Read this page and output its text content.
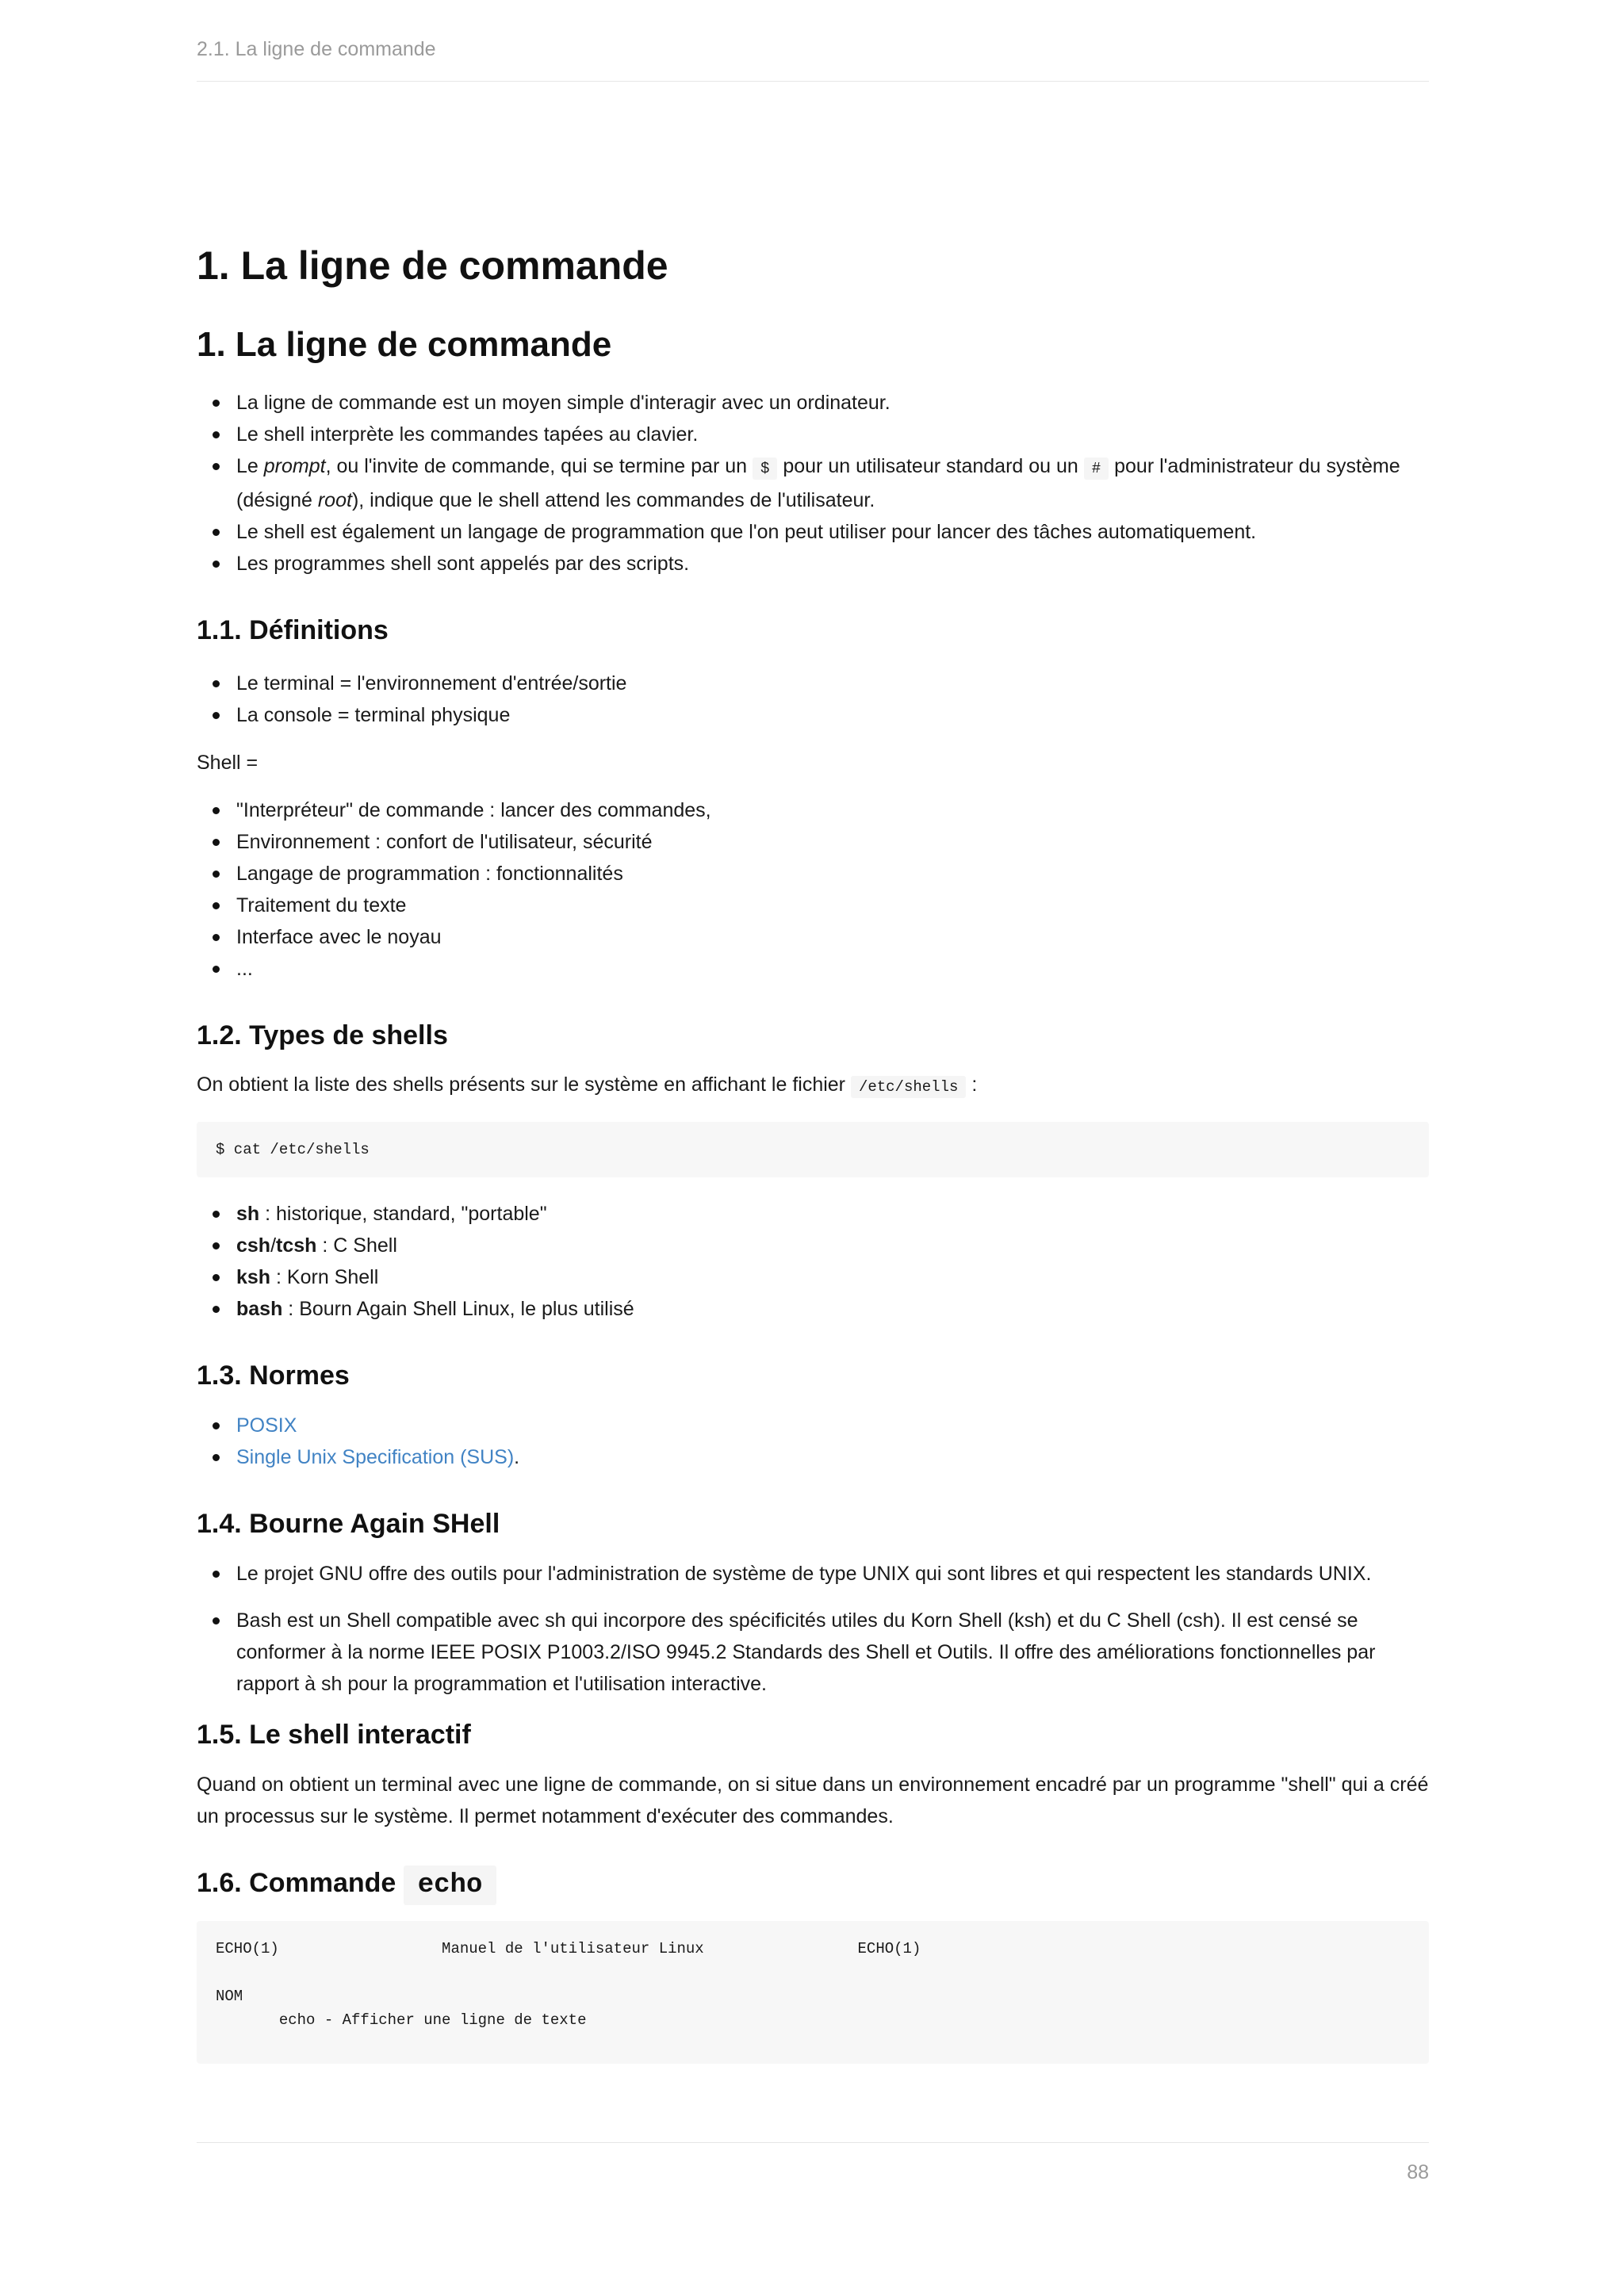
2.1. La ligne de commande
1. La ligne de commande
1. La ligne de commande
La ligne de commande est un moyen simple d'interagir avec un ordinateur.
Le shell interprète les commandes tapées au clavier.
Le prompt, ou l'invite de commande, qui se termine par un $ pour un utilisateur standard ou un # pour l'administrateur du système (désigné root), indique que le shell attend les commandes de l'utilisateur.
Le shell est également un langage de programmation que l'on peut utiliser pour lancer des tâches automatiquement.
Les programmes shell sont appelés par des scripts.
1.1. Définitions
Le terminal = l'environnement d'entrée/sortie
La console = terminal physique

Shell =

"Interpréteur" de commande : lancer des commandes,
Environnement : confort de l'utilisateur, sécurité
Langage de programmation : fonctionnalités
Traitement du texte
Interface avec le noyau
...
1.2. Types de shells

On obtient la liste des shells présents sur le système en affichant le fichier /etc/shells :

$ cat /etc/shells
sh : historique, standard, "portable"
csh/tcsh : C Shell
ksh : Korn Shell
bash : Bourn Again Shell Linux, le plus utilisé
1.3. Normes
POSIX
Single Unix Specification (SUS).
1.4. Bourne Again SHell
Le projet GNU offre des outils pour l'administration de système de type UNIX qui sont libres et qui respectent les standards UNIX.
Bash est un Shell compatible avec sh qui incorpore des spécificités utiles du Korn Shell (ksh) et du C Shell (csh). Il est censé se conformer à la norme IEEE POSIX P1003.2/ISO 9945.2 Standards des Shell et Outils. Il offre des améliorations fonctionnelles par rapport à sh pour la programmation et l'utilisation interactive.
1.5. Le shell interactif

Quand on obtient un terminal avec une ligne de commande, on si situe dans un environnement encadré par un programme "shell" qui a créé un processus sur le système. Il permet notamment d'exécuter des commandes.

1.6. Commande echo
ECHO(1)                  Manuel de l'utilisateur Linux                 ECHO(1)

NOM
echo - Afficher une ligne de texte

88
